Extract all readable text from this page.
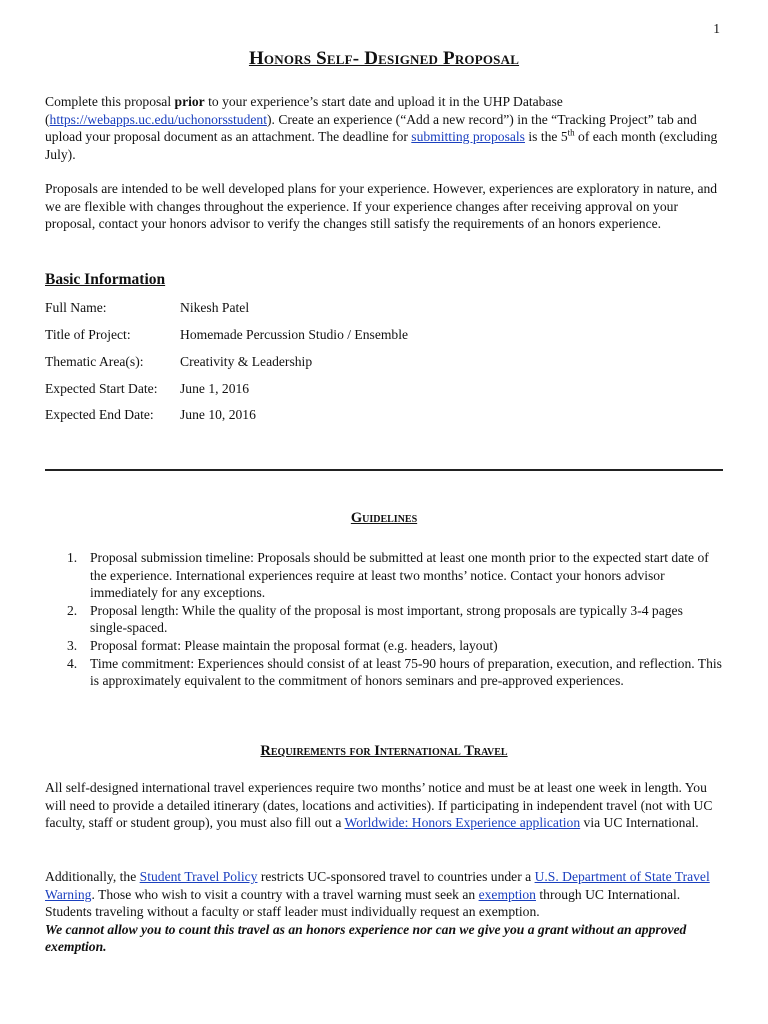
1
Honors Self- Designed Proposal

Complete this proposal prior to your experience’s start date and upload it in the UHP Database (https://webapps.uc.edu/uchonorsstudent). Create an experience (“Add a new record”) in the “Tracking Project” tab and upload your proposal document as an attachment. The deadline for submitting proposals is the 5th of each month (excluding July).

Proposals are intended to be well developed plans for your experience. However, experiences are exploratory in nature, and we are flexible with changes throughout the experience. If your experience changes after receiving approval on your proposal, contact your honors advisor to verify the changes still satisfy the requirements of an honors experience.

Basic Information
Full Name:	Nikesh Patel
Title of Project:	Homemade Percussion Studio / Ensemble
Thematic Area(s):	Creativity & Leadership
Expected Start Date: June 1, 2016
Expected End Date: June 10, 2016
Guidelines
1. Proposal submission timeline: Proposals should be submitted at least one month prior to the expected start date of the experience. International experiences require at least two months’ notice. Contact your honors advisor immediately for any exceptions.
2. Proposal length: While the quality of the proposal is most important, strong proposals are typically 3-4 pages single-spaced.
3. Proposal format: Please maintain the proposal format (e.g. headers, layout)
4. Time commitment: Experiences should consist of at least 75-90 hours of preparation, execution, and reflection. This is approximately equivalent to the commitment of honors seminars and pre-approved experiences.
Requirements for International Travel

All self-designed international travel experiences require two months’ notice and must be at least one week in length. You will need to provide a detailed itinerary (dates, locations and activities). If participating in independent travel (not with UC faculty, staff or student group), you must also fill out a Worldwide: Honors Experience application via UC International.

Additionally, the Student Travel Policy restricts UC-sponsored travel to countries under a U.S. Department of State Travel Warning. Those who wish to visit a country with a travel warning must seek an exemption through UC International. Students traveling without a faculty or staff leader must individually request an exemption.
We cannot allow you to count this travel as an honors experience nor can we give you a grant without an approved exemption.
